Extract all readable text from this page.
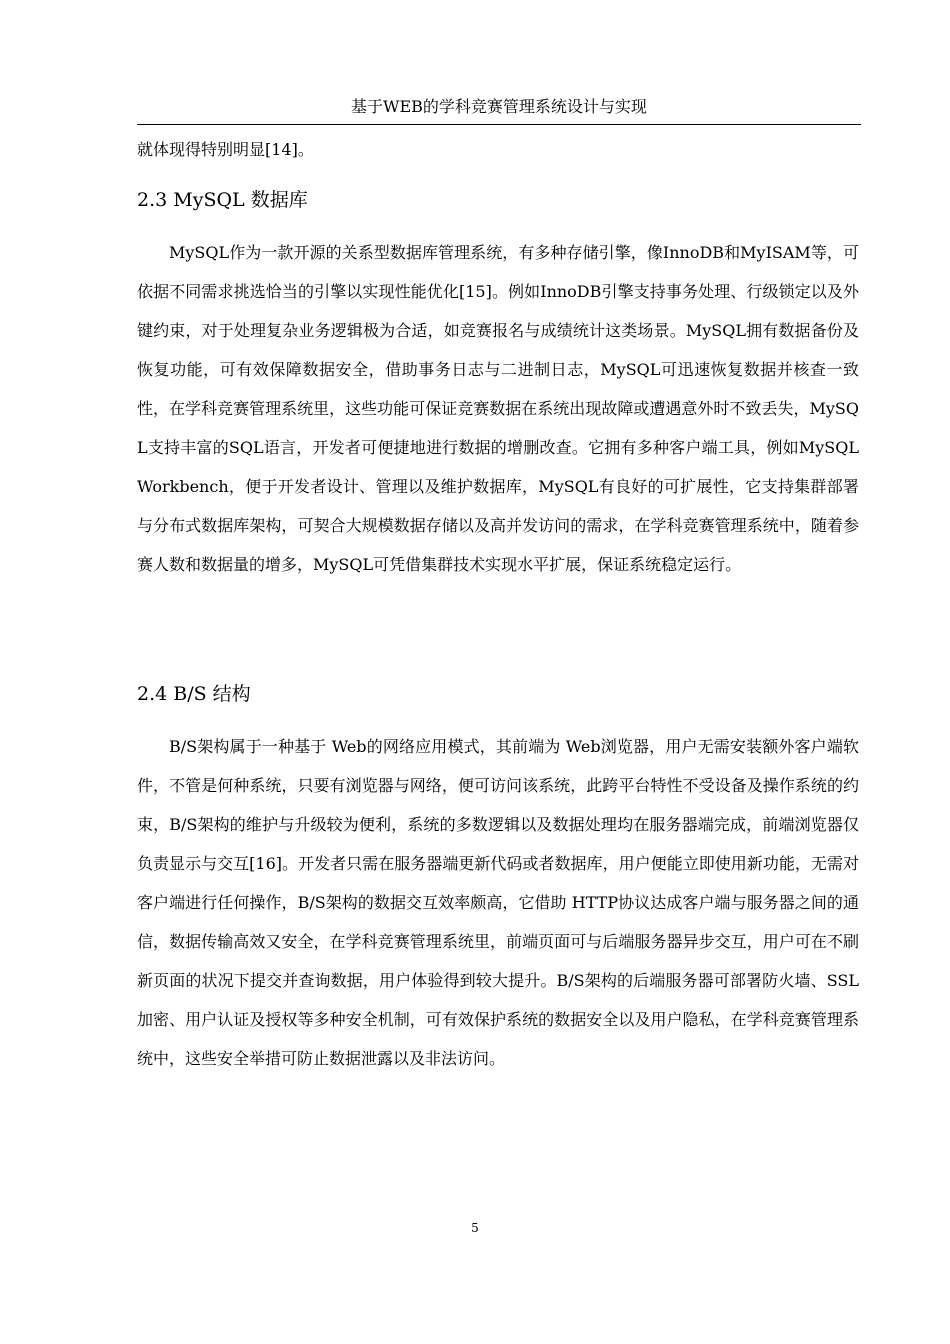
基于WEB的学科竞赛管理系统设计与实现
就体现得特别明显[14]。
2.3 MySQL 数据库

MySQL作为一款开源的关系型数据库管理系统，有多种存储引擎，像InnoDB和MyISAM等，可依据不同需求挑选恰当的引擎以实现性能优化[15]。例如InnoDB引擎支持事务处理、行级锁定以及外键约束，对于处理复杂业务逻辑极为合适，如竞赛报名与成绩统计这类场景。MySQL拥有数据备份及恢复功能，可有效保障数据安全，借助事务日志与二进制日志，MySQL可迅速恢复数据并核查一致性，在学科竞赛管理系统里，这些功能可保证竞赛数据在系统出现故障或遭遇意外时不致丢失，MySQL支持丰富的SQL语言，开发者可便捷地进行数据的增删改查。它拥有多种客户端工具，例如MySQL Workbench，便于开发者设计、管理以及维护数据库，MySQL有良好的可扩展性，它支持集群部署与分布式数据库架构，可契合大规模数据存储以及高并发访问的需求，在学科竞赛管理系统中，随着参赛人数和数据量的增多，MySQL可凭借集群技术实现水平扩展，保证系统稳定运行。

2.4 B/S 结构

B/S架构属于一种基于 Web的网络应用模式，其前端为 Web浏览器，用户无需安装额外客户端软件，不管是何种系统，只要有浏览器与网络，便可访问该系统，此跨平台特性不受设备及操作系统的约束，B/S架构的维护与升级较为便利，系统的多数逻辑以及数据处理均在服务器端完成，前端浏览器仅负责显示与交互[16]。开发者只需在服务器端更新代码或者数据库，用户便能立即使用新功能，无需对客户端进行任何操作，B/S架构的数据交互效率颇高，它借助 HTTP协议达成客户端与服务器之间的通信，数据传输高效又安全，在学科竞赛管理系统里，前端页面可与后端服务器异步交互，用户可在不刷新页面的状况下提交并查询数据，用户体验得到较大提升。B/S架构的后端服务器可部署防火墙、SSL加密、用户认证及授权等多种安全机制，可有效保护系统的数据安全以及用户隐私，在学科竞赛管理系统中，这些安全举措可防止数据泄露以及非法访问。

5
